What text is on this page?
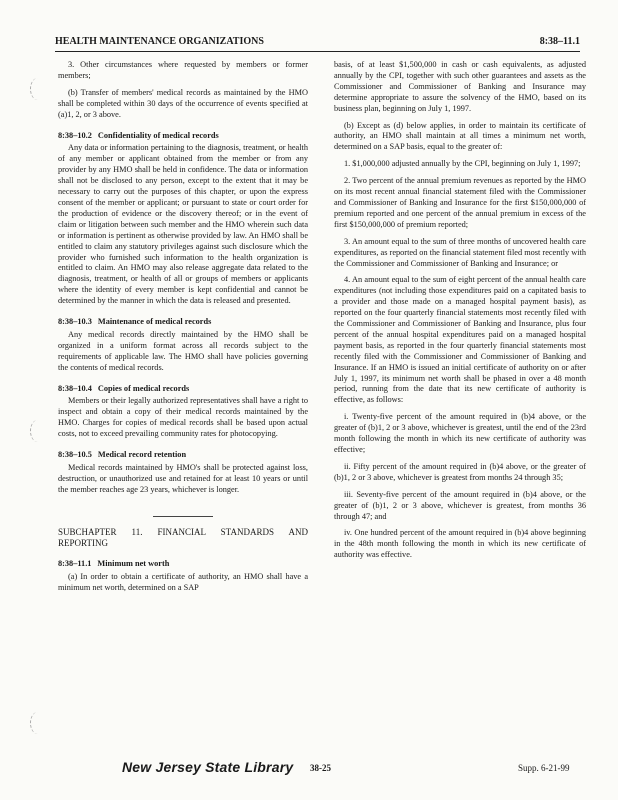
HEALTH MAINTENANCE ORGANIZATIONS	8:38–11.1

3. Other circumstances where requested by members or former members;

(b) Transfer of members' medical records as maintained by the HMO shall be completed within 30 days of the occurrence of events specified at (a)1, 2, or 3 above.

8:38–10.2 Confidentiality of medical records

Any data or information pertaining to the diagnosis, treatment, or health of any member or applicant obtained from the member or from any provider by any HMO shall be held in confidence. The data or information shall not be disclosed to any person, except to the extent that it may be necessary to carry out the purposes of this chapter, or upon the express consent of the member or applicant; or pursuant to state or court order for the production of evidence or the discovery thereof; or in the event of claim or litigation between such member and the HMO wherein such data or information is pertinent as otherwise provided by law. An HMO shall be entitled to claim any statutory privileges against such disclosure which the provider who furnished such information to the health organization is entitled to claim. An HMO may also release aggregate data related to the diagnosis, treatment, or health of all or groups of members or applicants where the identity of every member is kept confidential and cannot be determined by the manner in which the data is released and presented.

8:38–10.3 Maintenance of medical records

Any medical records directly maintained by the HMO shall be organized in a uniform format across all records subject to the requirements of applicable law. The HMO shall have policies governing the contents of medical records.

8:38–10.4 Copies of medical records

Members or their legally authorized representatives shall have a right to inspect and obtain a copy of their medical records maintained by the HMO. Charges for copies of medical records shall be based upon actual costs, not to exceed prevailing community rates for photocopying.

8:38–10.5 Medical record retention

Medical records maintained by HMO's shall be protected against loss, destruction, or unauthorized use and retained for at least 10 years or until the member reaches age 23 years, whichever is longer.

SUBCHAPTER 11. FINANCIAL STANDARDS AND REPORTING

8:38–11.1 Minimum net worth

(a) In order to obtain a certificate of authority, an HMO shall have a minimum net worth, determined on a SAP

basis, of at least $1,500,000 in cash or cash equivalents, as adjusted annually by the CPI, together with such other guarantees and assets as the Commissioner and Commissioner of Banking and Insurance may determine appropriate to assure the solvency of the HMO, based on its business plan, beginning on July 1, 1997.

(b) Except as (d) below applies, in order to maintain its certificate of authority, an HMO shall maintain at all times a minimum net worth, determined on a SAP basis, equal to the greater of:

1. $1,000,000 adjusted annually by the CPI, beginning on July 1, 1997;

2. Two percent of the annual premium revenues as reported by the HMO on its most recent annual financial statement filed with the Commissioner and Commissioner of Banking and Insurance for the first $150,000,000 of premium reported and one percent of the annual premium in excess of the first $150,000,000 of premium reported;

3. An amount equal to the sum of three months of uncovered health care expenditures, as reported on the financial statement filed most recently with the Commissioner and Commissioner of Banking and Insurance; or

4. An amount equal to the sum of eight percent of the annual health care expenditures (not including those expenditures paid on a capitated basis to a provider and those made on a managed hospital payment basis), as reported on the four quarterly financial statements most recently filed with the Commissioner and Commissioner of Banking and Insurance, plus four percent of the annual hospital expenditures paid on a managed hospital payment basis, as reported in the four quarterly financial statements most recently filed with the Commissioner and Commissioner of Banking and Insurance. If an HMO is issued an initial certificate of authority on or after July 1, 1997, its minimum net worth shall be phased in over a 48 month period, running from the date that its new certificate of authority is effective, as follows:

i. Twenty-five percent of the amount required in (b)4 above, or the greater of (b)1, 2 or 3 above, whichever is greatest, until the end of the 23rd month following the month in which its new certificate of authority was effective;

ii. Fifty percent of the amount required in (b)4 above, or the greater of (b)1, 2 or 3 above, whichever is greatest from months 24 through 35;

iii. Seventy-five percent of the amount required in (b)4 above, or the greater of (b)1, 2 or 3 above, whichever is greatest, from months 36 through 47; and

iv. One hundred percent of the amount required in (b)4 above beginning in the 48th month following the month in which its new certificate of authority was effective.

New Jersey State Library 38-25	Supp. 6-21-99
